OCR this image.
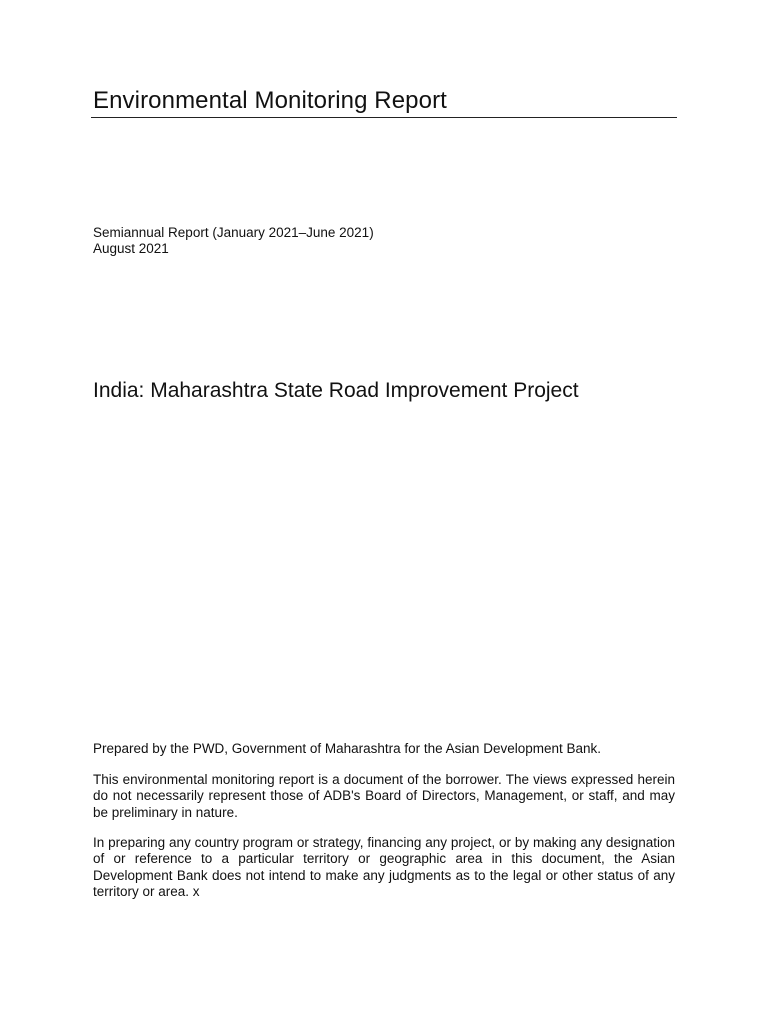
Environmental Monitoring Report
Semiannual Report (January 2021–June 2021)
August 2021
India: Maharashtra State Road Improvement Project
Prepared by the PWD, Government of Maharashtra for the Asian Development Bank.
This environmental monitoring report is a document of the borrower. The views expressed herein do not necessarily represent those of ADB's Board of Directors, Management, or staff, and may be preliminary in nature.
In preparing any country program or strategy, financing any project, or by making any designation of or reference to a particular territory or geographic area in this document, the Asian Development Bank does not intend to make any judgments as to the legal or other status of any territory or area. x
